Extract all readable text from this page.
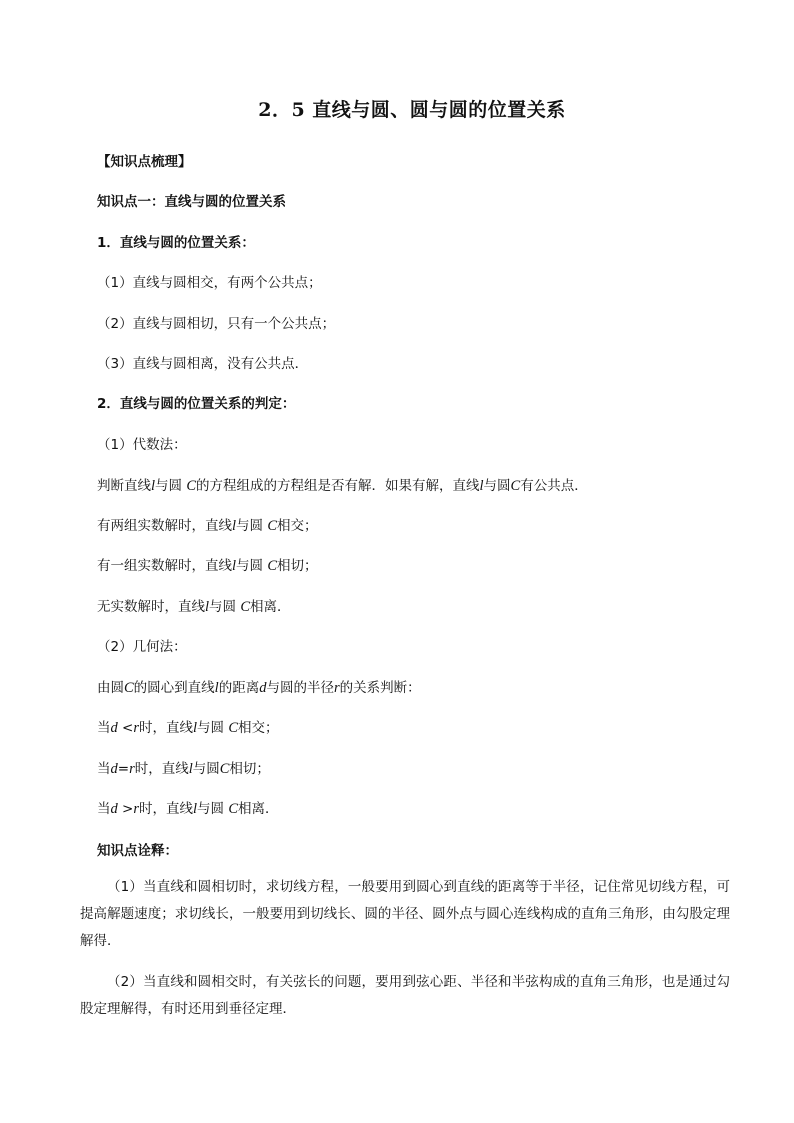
2．5 直线与圆、圆与圆的位置关系
【知识点梳理】
知识点一：直线与圆的位置关系
1．直线与圆的位置关系：
（1）直线与圆相交，有两个公共点；
（2）直线与圆相切，只有一个公共点；
（3）直线与圆相离，没有公共点．
2．直线与圆的位置关系的判定：
（1）代数法：
判断直线l与圆 C的方程组成的方程组是否有解．如果有解，直线l与圆C有公共点．
有两组实数解时，直线l与圆 C相交；
有一组实数解时，直线l与圆 C相切；
无实数解时，直线l与圆 C相离．
（2）几何法：
由圆C的圆心到直线l的距离d与圆的半径r的关系判断：
当d <r时，直线l与圆 C相交；
当d=r时，直线l与圆C相切；
当d >r时，直线l与圆 C相离．
知识点诠释：
（1）当直线和圆相切时，求切线方程，一般要用到圆心到直线的距离等于半径，记住常见切线方程，可提高解题速度；求切线长，一般要用到切线长、圆的半径、圆外点与圆心连线构成的直角三角形，由勾股定理解得．
（2）当直线和圆相交时，有关弦长的问题，要用到弦心距、半径和半弦构成的直角三角形，也是通过勾股定理解得，有时还用到垂径定理．
